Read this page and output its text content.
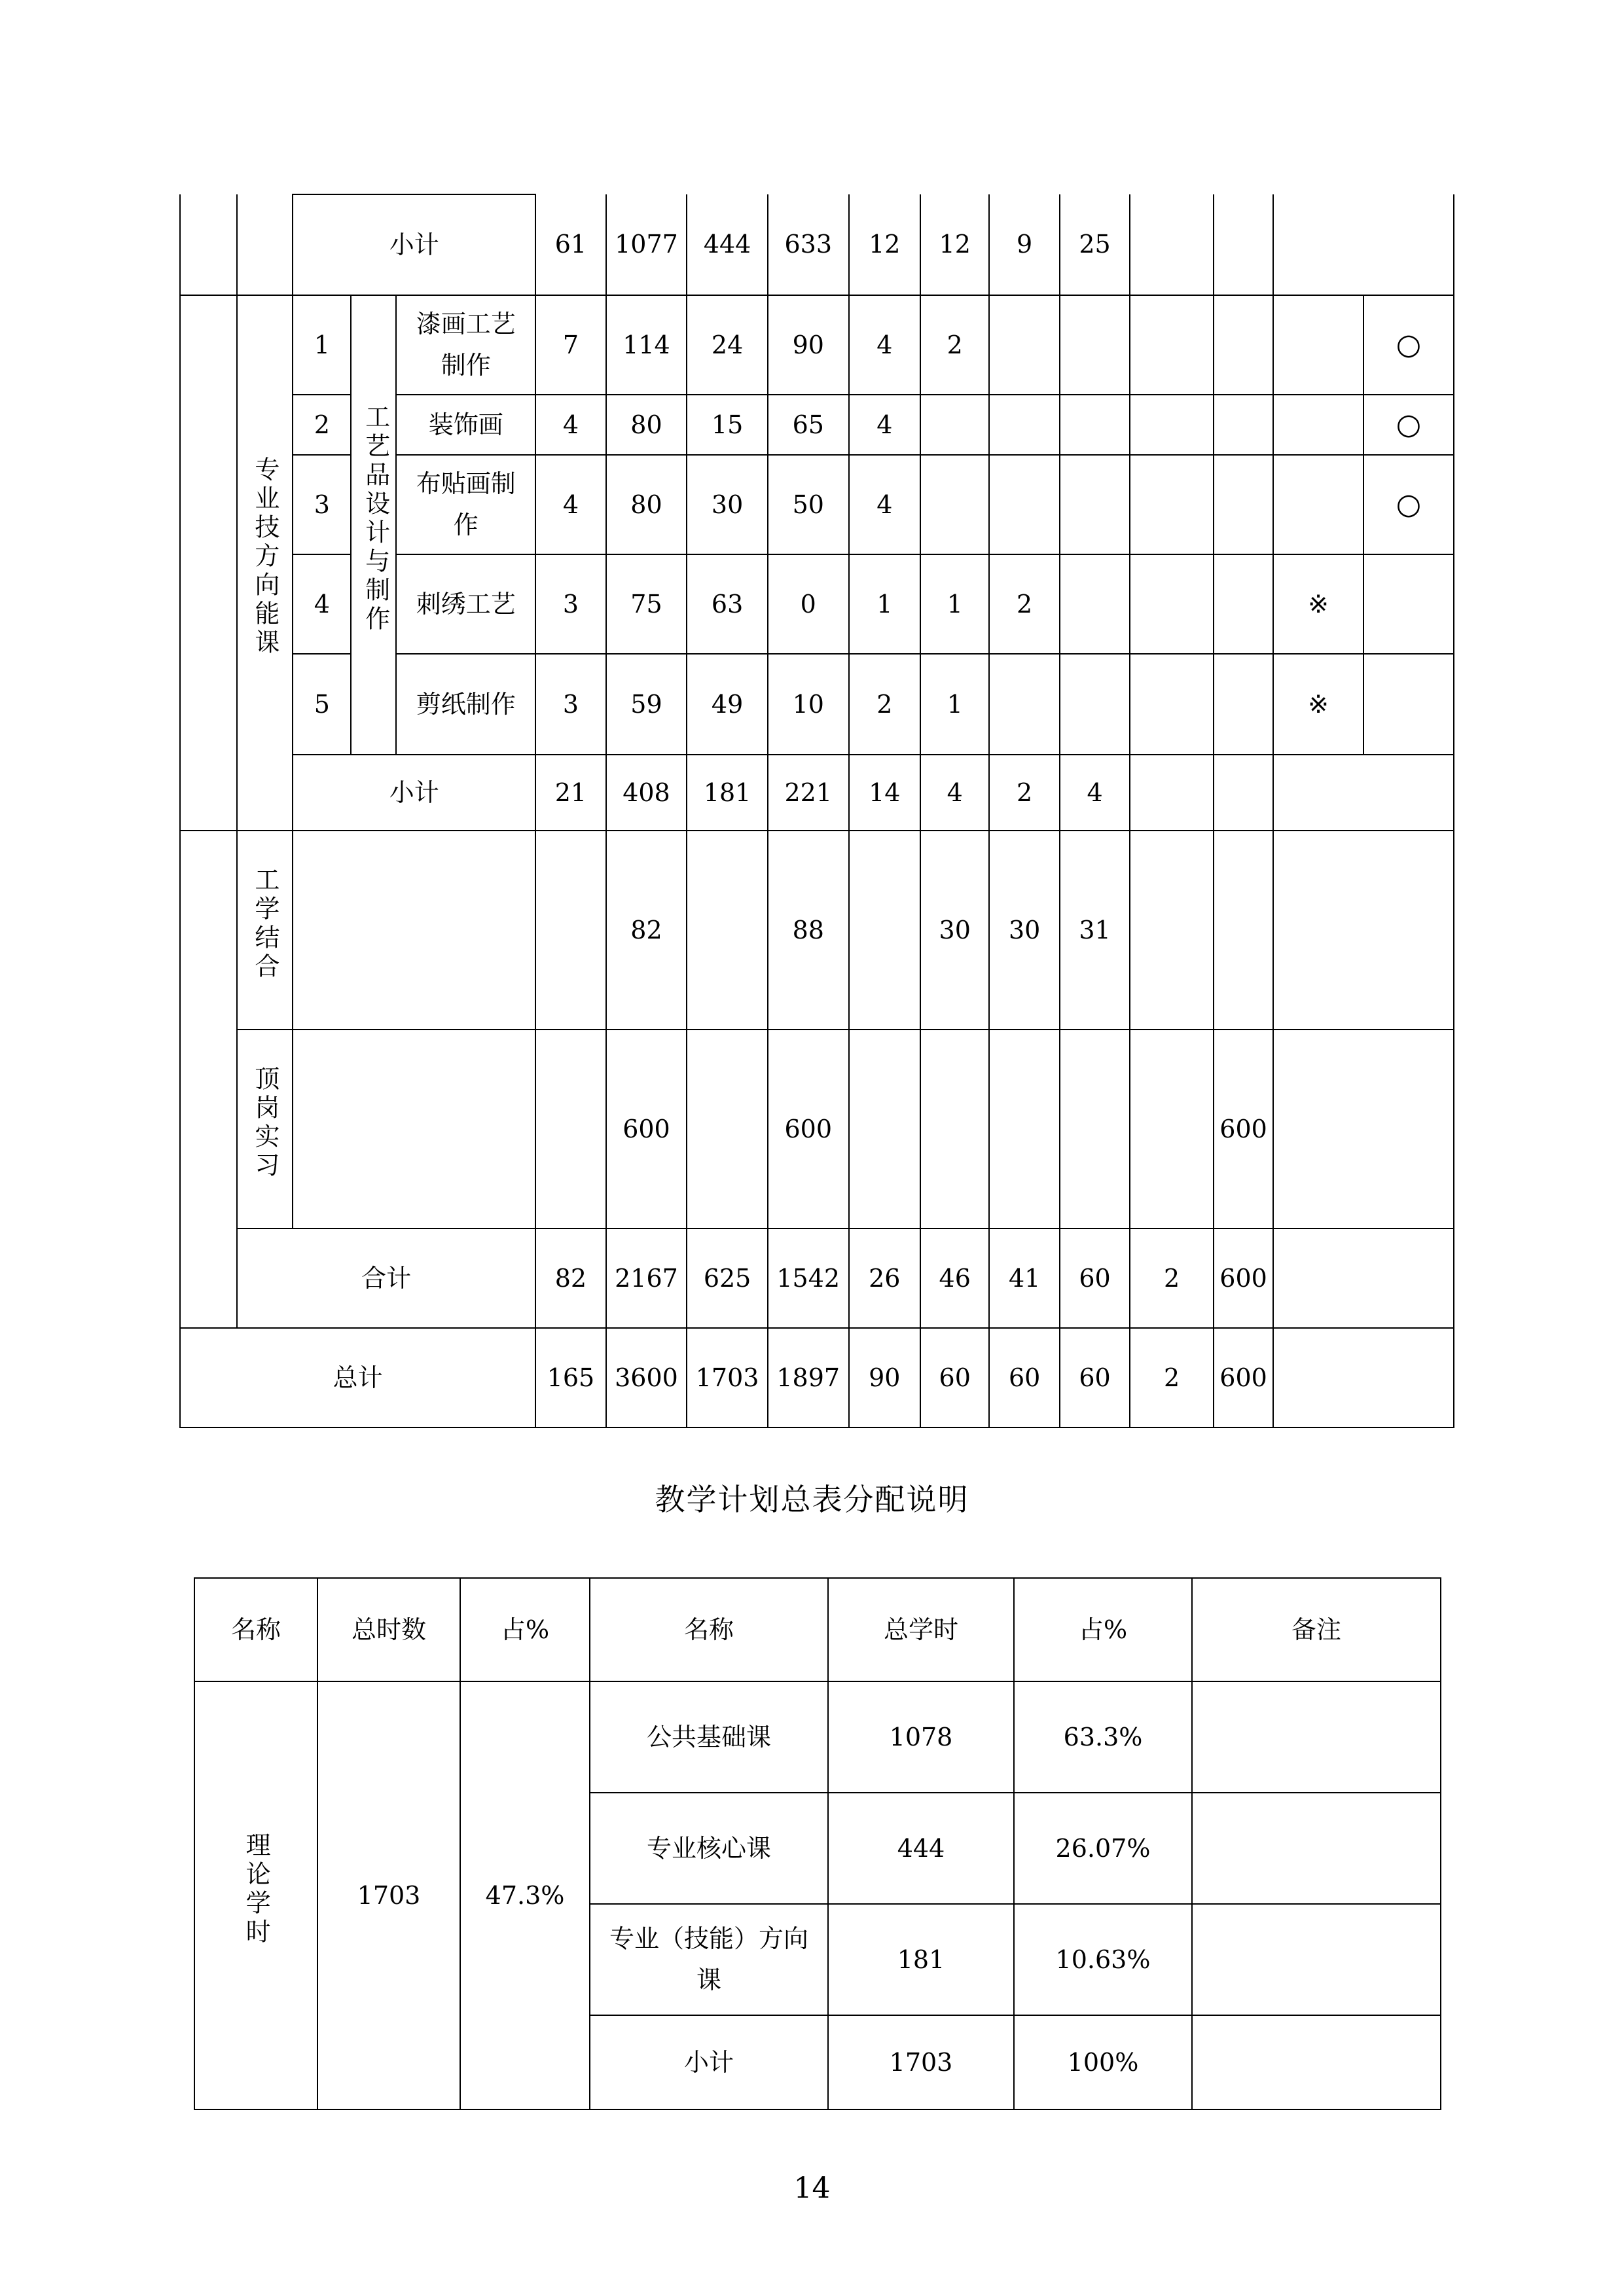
		小计			61	1077	444	633	12	12	9	25				
	专业技方向能课	1	工艺品设计与制作	漆画工艺制作	7	114	24	90	4	2						○
		2		装饰画	4	80	15	65	4							○
		3		布贴画制作	4	80	30	50	4							○
		4		刺绣工艺	3	75	63	0	1	1	2				※	
		5		剪纸制作	3	59	49	10	2	1					※	
		小计			21	408	181	221	14	4	2	4				
	工学结合					82		88		30	30	31				
	顶岗实习					600		600						600		
	合计				82	2167	625	1542	26	46	41	60	2	600		
总计					165	3600	1703	1897	90	60	60	60	2	600		
教学计划总表分配说明
名称	总时数	占%	名称	总学时	占%	备注
理论学时	1703	47.3%	公共基础课	1078	63.3%	
			专业核心课	444	26.07%	
			专业（技能）方向课	181	10.63%	
			小计	1703	100%	
14
